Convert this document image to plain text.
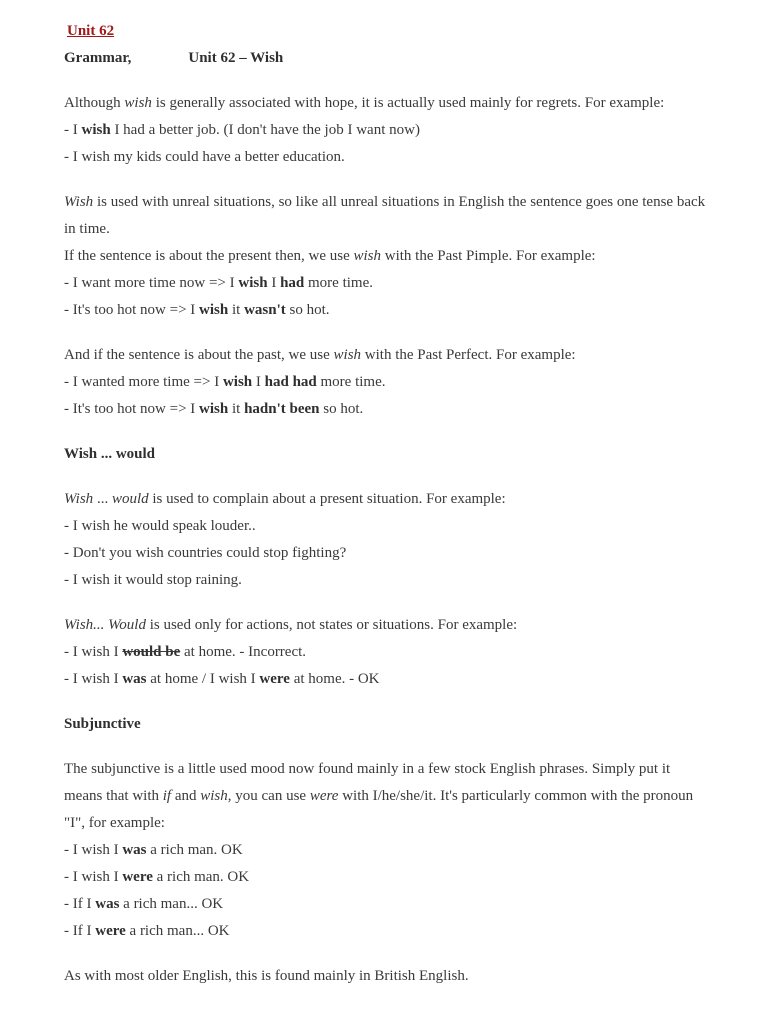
Unit 62
Grammar,	Unit 62 – Wish

Although wish is generally associated with hope, it is actually used mainly for regrets. For example:

- I wish I had a better job. (I don't have the job I want now)

- I wish my kids could have a better education.

Wish is used with unreal situations, so like all unreal situations in English the sentence goes one tense back

in time.

If the sentence is about the present then, we use wish with the Past Pimple. For example:

- I want more time now => I wish I had more time.

- It's too hot now => I wish it wasn't so hot.

And if the sentence is about the past, we use wish with the Past Perfect. For example:

- I wanted more time => I wish I had had more time.

- It's too hot now => I wish it hadn't been so hot.

Wish ... would

Wish ... would is used to complain about a present situation. For example:

- I wish he would speak louder..

- Don't you wish countries could stop fighting?

- I wish it would stop raining.

Wish... Would is used only for actions, not states or situations. For example:

- I wish I would be at home. - Incorrect.

- I wish I was at home / I wish I were at home. - OK

Subjunctive

The subjunctive is a little used mood now found mainly in a few stock English phrases. Simply put it

means that with if and wish, you can use were with I/he/she/it. It's particularly common with the pronoun

"I", for example:

- I wish I was a rich man. OK

- I wish I were a rich man. OK

- If I was a rich man... OK

- If I were a rich man... OK

As with most older English, this is found mainly in British English.
